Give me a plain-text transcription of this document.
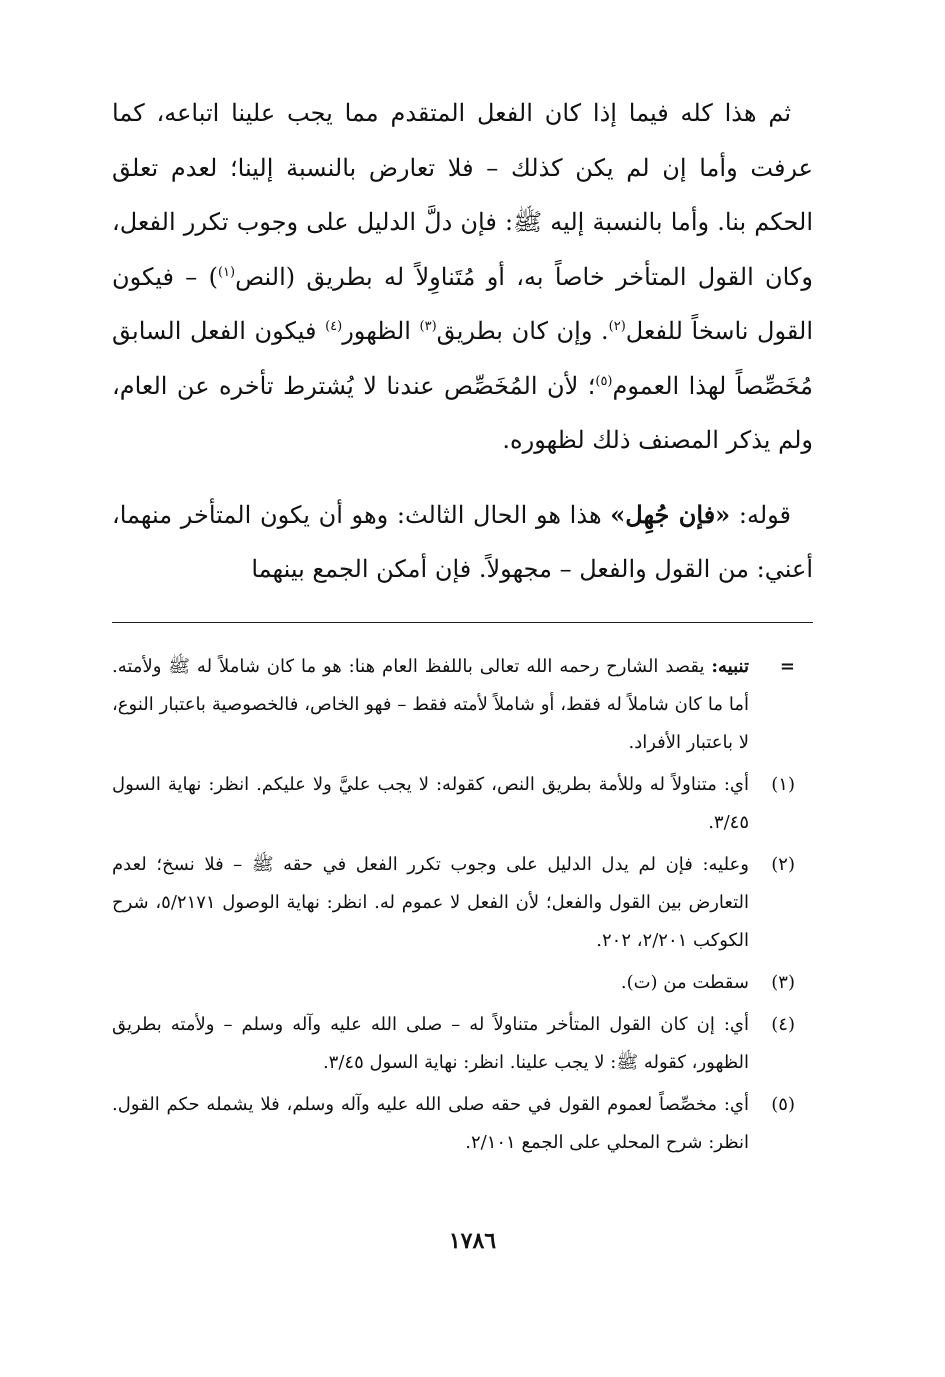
ثم هذا كله فيما إذا كان الفعل المتقدم مما يجب علينا اتباعه، كما عرفت وأما إن لم يكن كذلك – فلا تعارض بالنسبة إلينا؛ لعدم تعلق الحكم بنا. وأما بالنسبة إليه ﷺ: فإن دلَّ الدليل على وجوب تكرر الفعل، وكان القول المتأخر خاصاً به، أو مُتَناوِلاً له بطريق (النص$^{(١)}$) – فيكون القول ناسخاً للفعل$^{(٢)}$. وإن كان بطريق$^{(٣)}$ الظهور$^{(٤)}$ فيكون الفعل السابق مُخَصِّصاً لهذا العموم$^{(٥)}$؛ لأن المُخَصِّص عندنا لا يُشترط تأخره عن العام، ولم يذكر المصنف ذلك لظهوره.

قوله: «فإن جُهِل» هذا هو الحال الثالث: وهو أن يكون المتأخر منهما، أعني: من القول والفعل – مجهولاً. فإن أمكن الجمع بينهما

=
تنبيه: يقصد الشارح رحمه الله تعالى باللفظ العام هنا: هو ما كان شاملاً له ﷺ ولأمته. أما ما كان شاملاً له فقط، أو شاملاً لأمته فقط – فهو الخاص، فالخصوصية باعتبار النوع، لا باعتبار الأفراد.
(١)
أي: متناولاً له وللأمة بطريق النص، كقوله: لا يجب عليَّ ولا عليكم. انظر: نهاية السول ٣/٤٥.
(٢)
وعليه: فإن لم يدل الدليل على وجوب تكرر الفعل في حقه ﷺ – فلا نسخ؛ لعدم التعارض بين القول والفعل؛ لأن الفعل لا عموم له. انظر: نهاية الوصول ٥/٢١٧١، شرح الكوكب ٢/٢٠١، ٢٠٢.
(٣)
سقطت من (ت).
(٤)
أي: إن كان القول المتأخر متناولاً له – صلى الله عليه وآله وسلم – ولأمته بطريق الظهور، كقوله ﷺ: لا يجب علينا. انظر: نهاية السول ٣/٤٥.
(٥)
أي: مخصِّصاً لعموم القول في حقه صلى الله عليه وآله وسلم، فلا يشمله حكم القول. انظر: شرح المحلي على الجمع ٢/١٠١.
١٧٨٦
